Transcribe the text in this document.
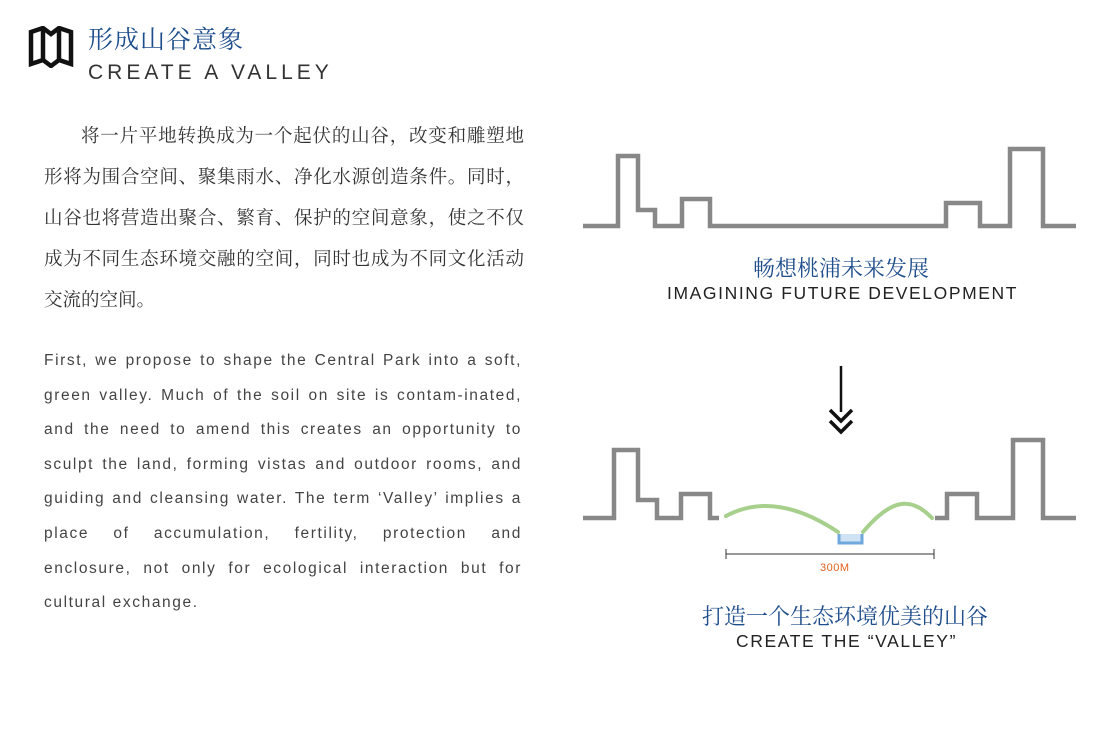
形成山谷意象
CREATE A VALLEY

将一片平地转换成为一个起伏的山谷，改变和雕塑地形将为围合空间、聚集雨水、净化水源创造条件。同时，山谷也将营造出聚合、繁育、保护的空间意象，使之不仅成为不同生态环境交融的空间，同时也成为不同文化活动交流的空间。

First, we propose to shape the Central Park into a soft, green valley. Much of the soil on site is contam-inated, and the need to amend this creates an opportunity to sculpt the land, forming vistas and outdoor rooms, and guiding and cleansing water. The term ‘Valley’ implies a place of accumulation, fertility, protection and enclosure, not only for ecological interaction but for cultural exchange.

300M
畅想桃浦未来发展
IMAGINING FUTURE DEVELOPMENT
打造一个生态环境优美的山谷
CREATE THE “VALLEY”
